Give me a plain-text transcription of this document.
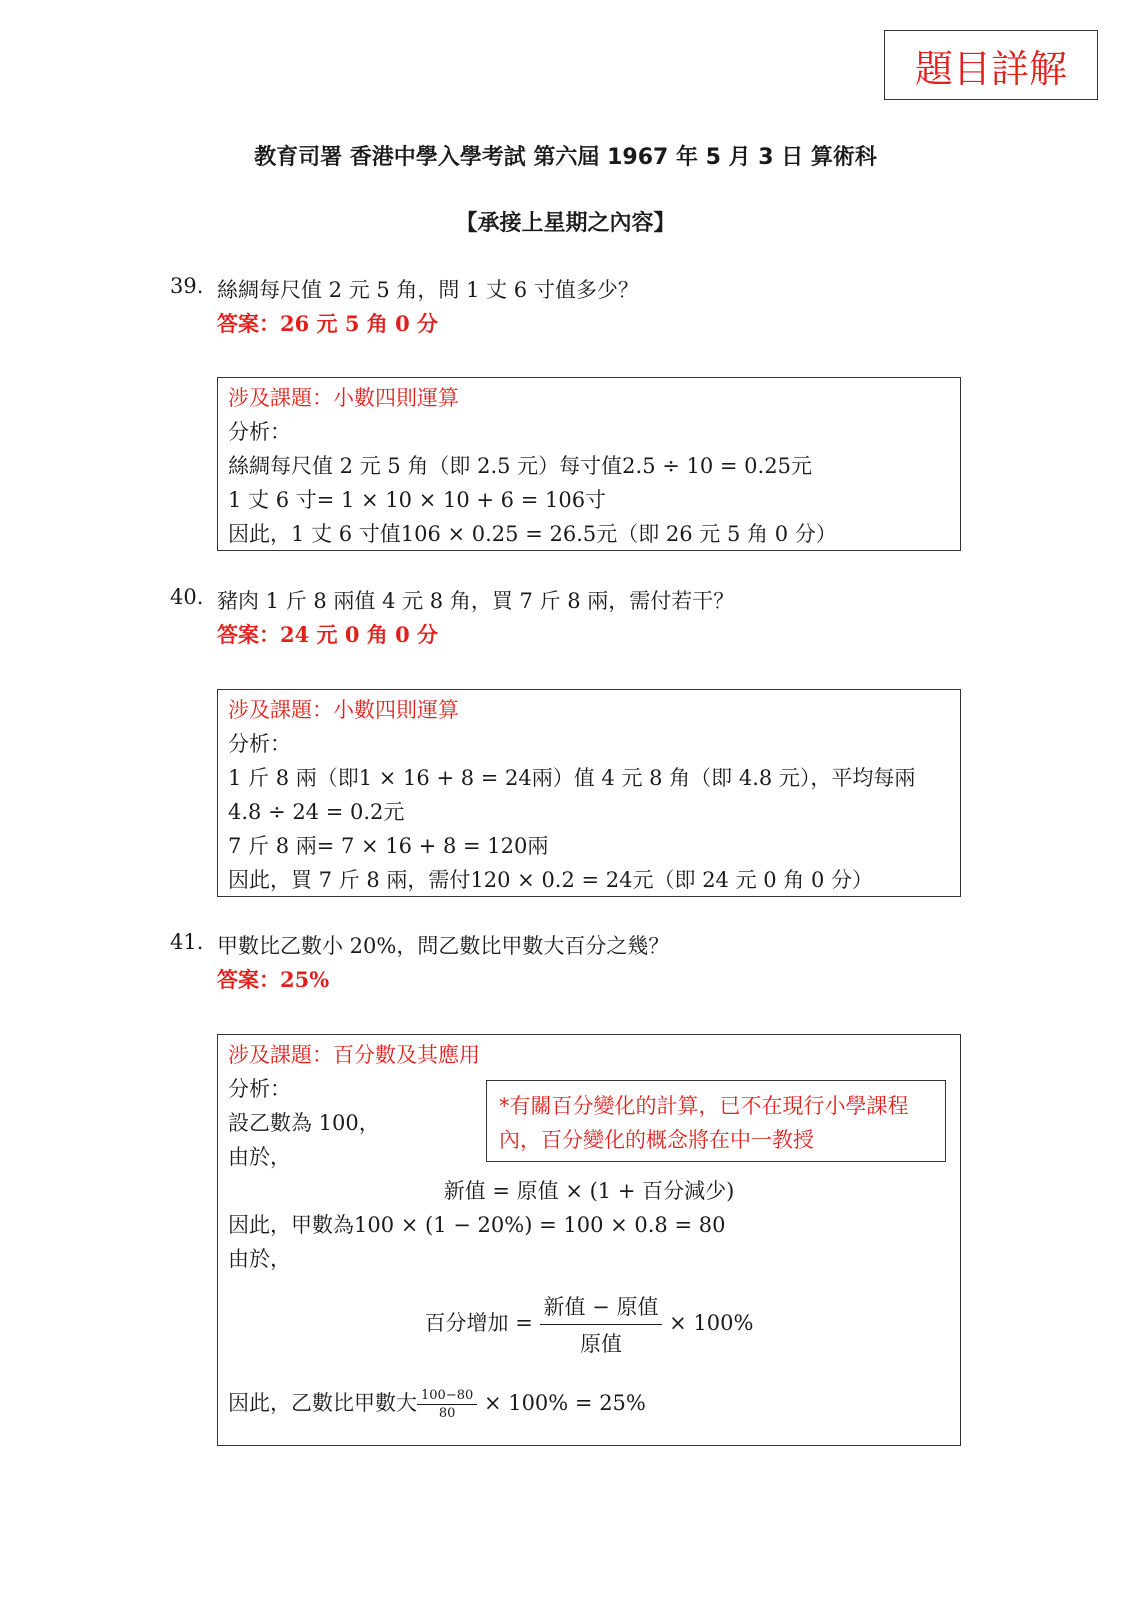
題目詳解
教育司署 香港中學入學考試 第六屆 1967 年 5 月 3 日 算術科
【承接上星期之內容】
39. 絲綢每尺值 2 元 5 角，問 1 丈 6 寸值多少？
答案：26 元 5 角 0 分
涉及課題：小數四則運算
分析：
絲綢每尺值 2 元 5 角（即 2.5 元）每寸值2.5 ÷ 10 = 0.25元
1 丈 6 寸= 1 × 10 × 10 + 6 = 106寸
因此，1 丈 6 寸值106 × 0.25 = 26.5元（即 26 元 5 角 0 分）
40. 豬肉 1 斤 8 兩值 4 元 8 角，買 7 斤 8 兩，需付若干？
答案：24 元 0 角 0 分
涉及課題：小數四則運算
分析：
1 斤 8 兩（即1 × 16 + 8 = 24兩）值 4 元 8 角（即 4.8 元），平均每兩
4.8 ÷ 24 = 0.2元
7 斤 8 兩= 7 × 16 + 8 = 120兩
因此，買 7 斤 8 兩，需付120 × 0.2 = 24元（即 24 元 0 角 0 分）
41. 甲數比乙數小 20%，問乙數比甲數大百分之幾？
答案：25%
涉及課題：百分數及其應用
分析：
設乙數為 100，
由於，
*有關百分變化的計算，已不在現行小學課程內，百分變化的概念將在中一教授
新值 = 原值 × (1 + 百分減少)
因此，甲數為100 × (1 − 20%) = 100 × 0.8 = 80
由於，
百分增加 = $\frac{\text{新值 − 原值}}{\text{原值}} \times 100\%$
因此，乙數比甲數大 $\frac{100-80}{80} \times 100\% = 25\%$
